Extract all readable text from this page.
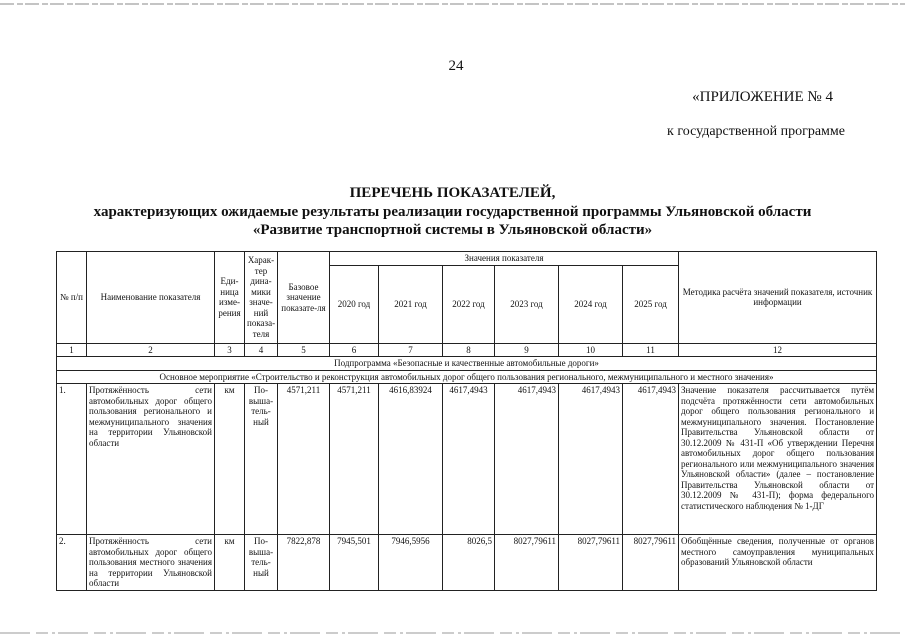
24
«ПРИЛОЖЕНИЕ № 4
к государственной программе
ПЕРЕЧЕНЬ ПОКАЗАТЕЛЕЙ,
характеризующих ожидаемые результаты реализации государственной программы Ульяновской области
«Развитие транспортной системы в Ульяновской области»
№ п/п	Наименование показателя	Еди-ница изме-рения	Харак-тер дина-мики значе-ний показа-теля	Базовое значение показате-ля	Значения показателя						Методика расчёта значений показателя, источник информации
					2020 год	2021 год	2022 год	2023 год	2024 год	2025 год	
1	2	3	4	5	6	7	8	9	10	11	12
Подпрограмма «Безопасные и качественные автомобильные дороги»											
Основное мероприятие «Строительство и реконструкция автомобильных дорог общего пользования регионального, межмуниципального и местного значения»											
1.	Протяжённость сети автомобильных дорог общего пользования регионального и межмуниципального значения на территории Ульяновской области	км	По-выша-тель-ный	4571,211	4571,211	4616,83924	4617,4943	4617,4943	4617,4943	4617,4943	Значение показателя рассчитывается путём подсчёта протяжённости сети автомобильных дорог общего пользования регионального и межмуниципального значения. Постановление Правительства Ульяновской области от 30.12.2009 № 431-П «Об утверждении Перечня автомобильных дорог общего пользования регионального или межмуниципального значения Ульяновской области» (далее – постановление Правительства Ульяновской области от 30.12.2009 № 431-П); форма федерального статистического наблюдения № 1-ДГ
2.	Протяжённость сети автомобильных дорог общего пользования местного значения на территории Ульяновской области	км	По-выша-тель-ный	7822,878	7945,501	7946,5956	8026,5	8027,79611	8027,79611	8027,79611	Обобщённые сведения, полученные от органов местного самоуправления муниципальных образований Ульяновской области
